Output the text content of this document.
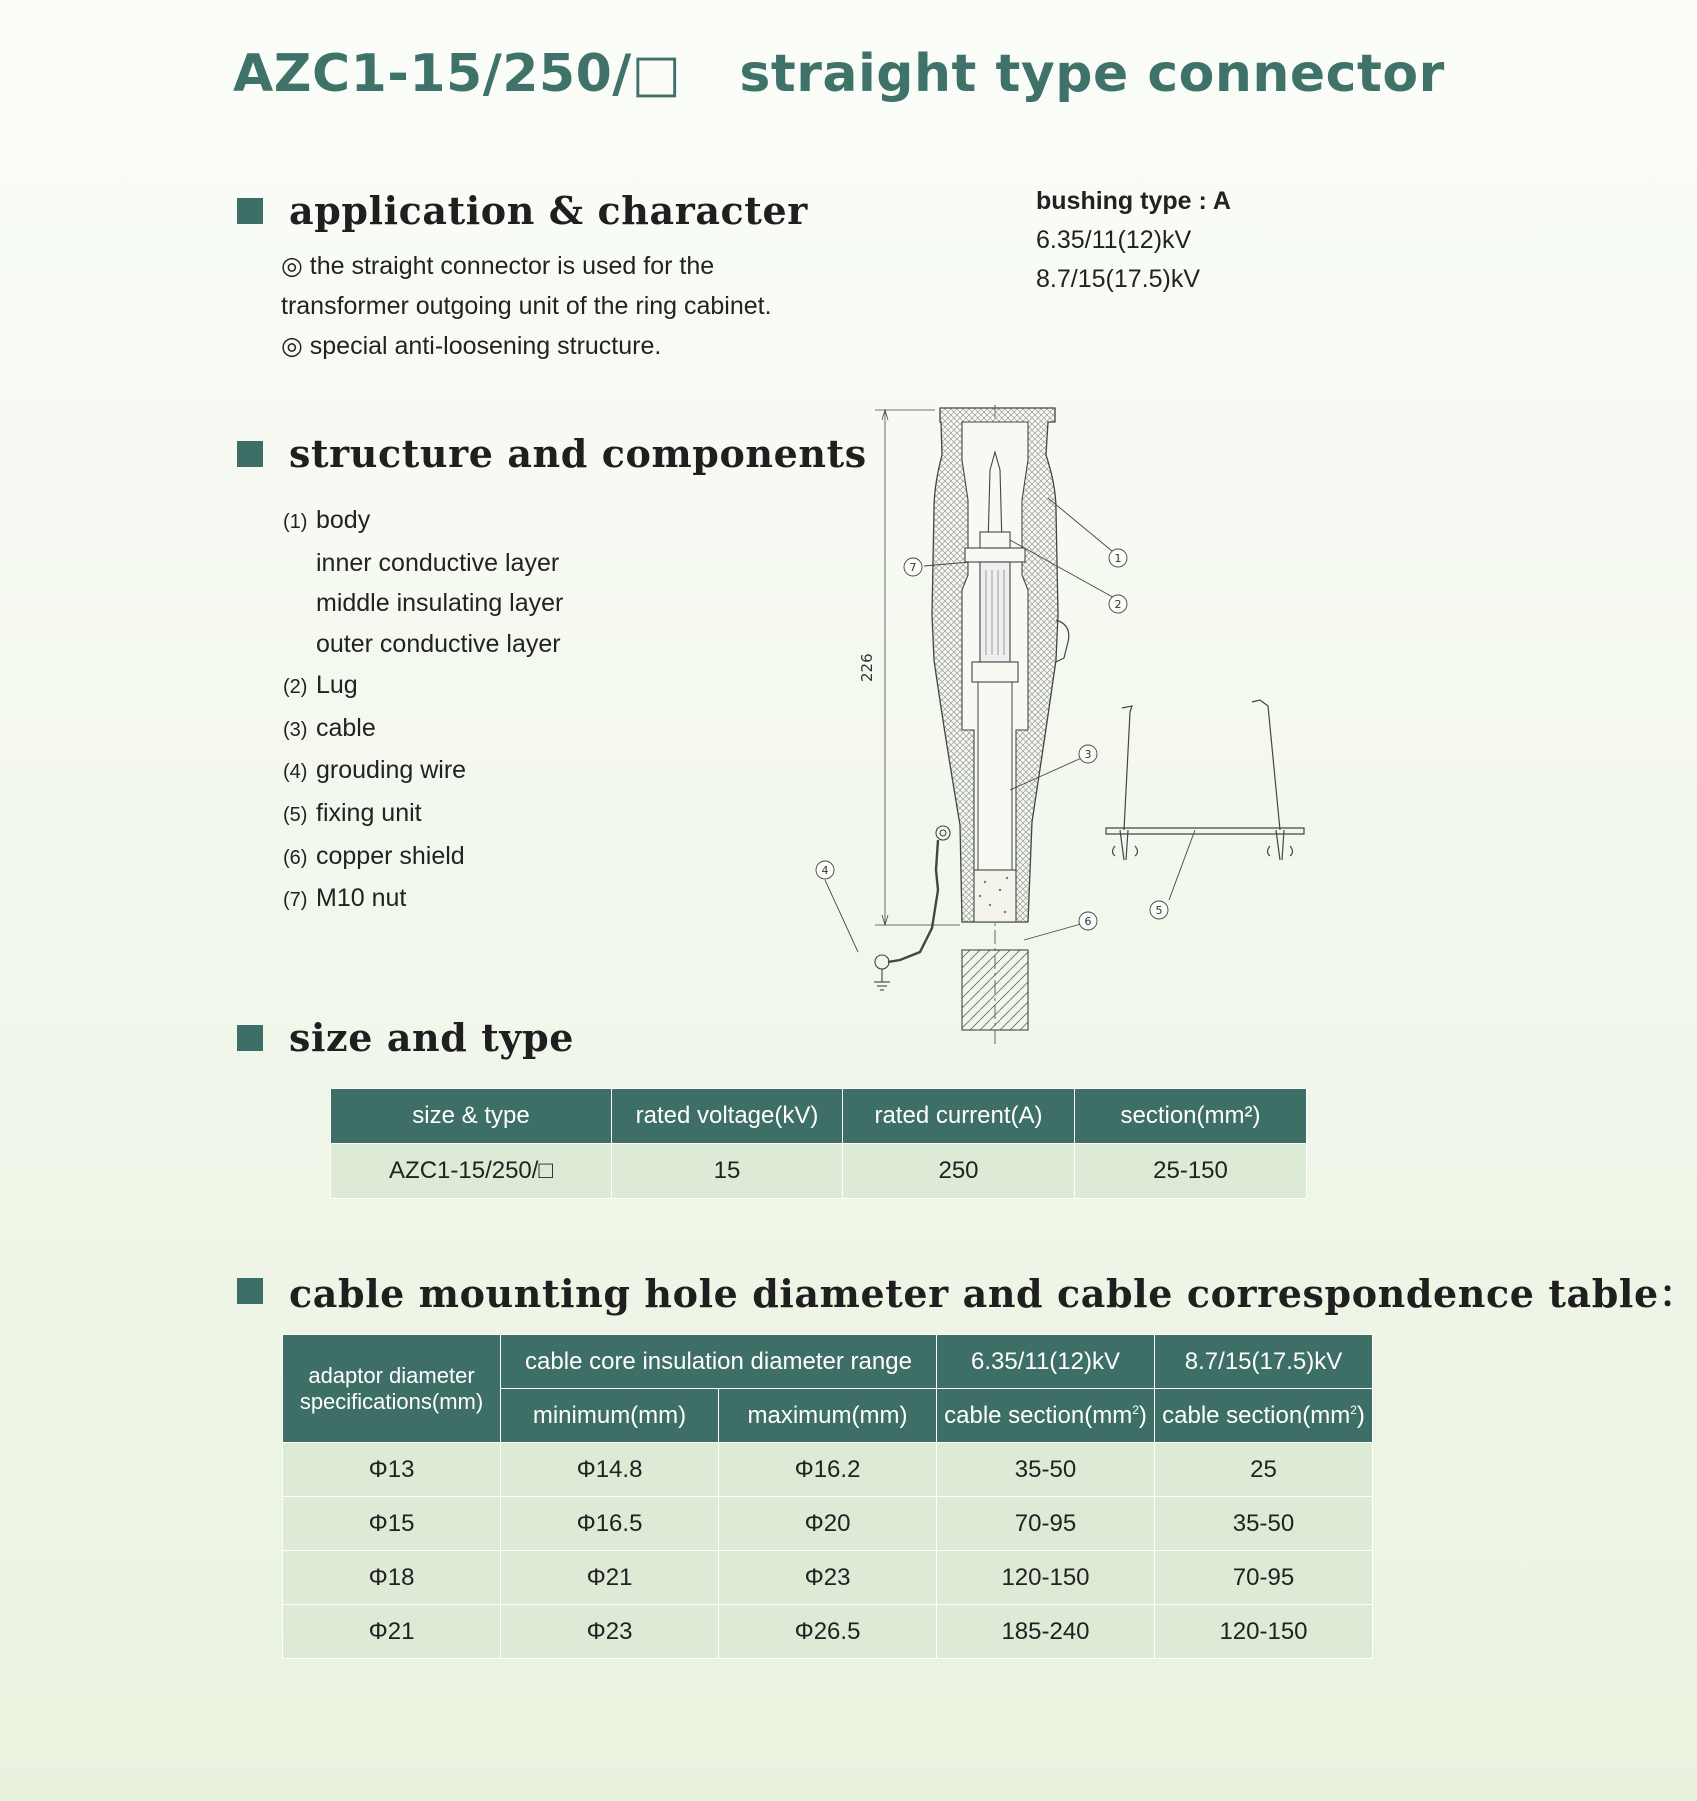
AZC1-15/250/□ straight type connector
application & character
◎ the straight connector is used for the
transformer outgoing unit of the ring cabinet.
◎ special anti-loosening structure.
bushing type : A
6.35/11(12)kV
8.7/15(17.5)kV
structure and components
(1) body
inner conductive layer
middle insulating layer
outer conductive layer
(2) Lug
(3) cable
(4) grouding wire
(5) fixing unit
(6) copper shield
(7) M10 nut
226
1
2
3
4
5
6
7
size and type
size & type	rated voltage(kV)	rated current(A)	section(mm²)
AZC1-15/250/□	15	250	25-150
cable mounting hole diameter and cable correspondence table：
adaptor diameter specifications(mm)	cable core insulation diameter range		6.35/11(12)kV	8.7/15(17.5)kV
	minimum(mm)	maximum(mm)	cable $section(mm^2)$	cable $section(mm^2)$
Φ13	Φ14.8	Φ16.2	35-50	25
Φ15	Φ16.5	Φ20	70-95	35-50
Φ18	Φ21	Φ23	120-150	70-95
Φ21	Φ23	Φ26.5	185-240	120-150
